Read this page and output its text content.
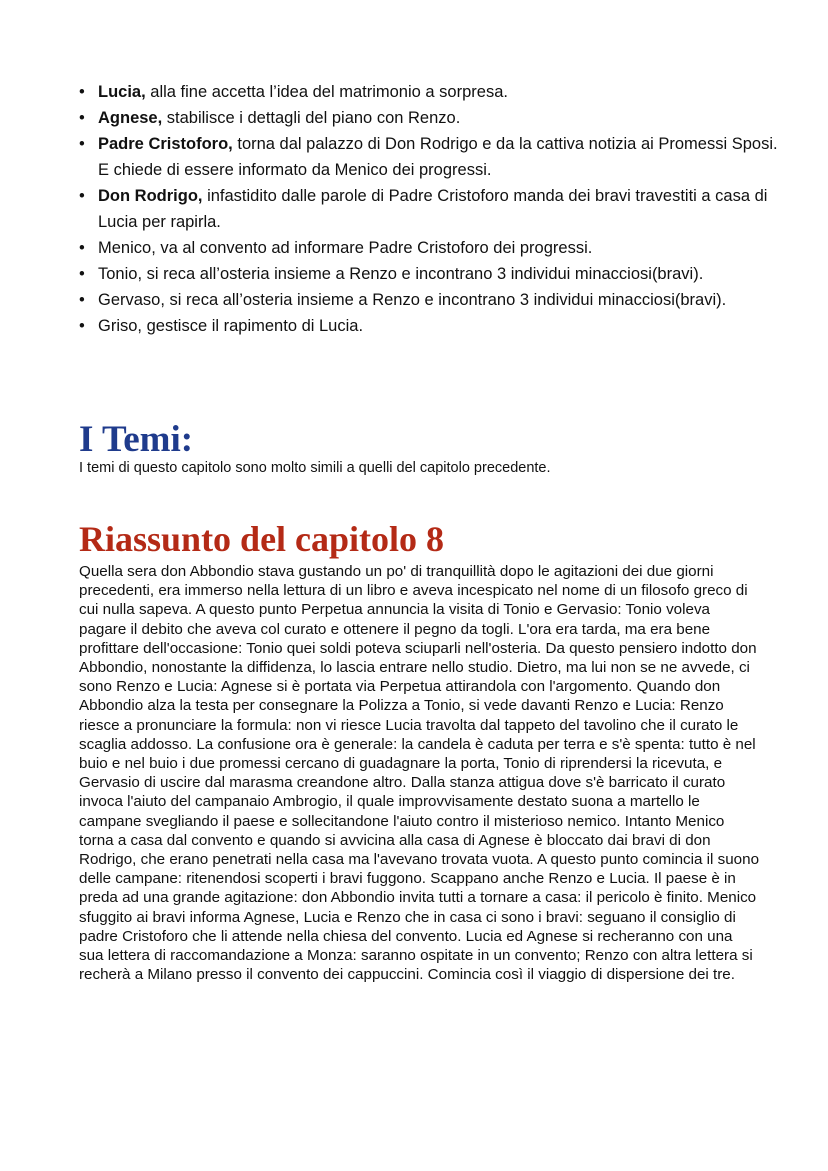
• Lucia, alla fine accetta l’idea del matrimonio a sorpresa.
• Agnese, stabilisce i dettagli del piano con Renzo.
• Padre Cristoforo, torna dal palazzo di Don Rodrigo e da la cattiva notizia ai Promessi Sposi. E chiede di essere informato da Menico dei progressi.
• Don Rodrigo, infastidito dalle parole di Padre Cristoforo manda dei bravi travestiti a casa di Lucia per rapirla.
• Menico, va al convento ad informare Padre Cristoforo dei progressi.
• Tonio, si reca all’osteria insieme a Renzo e incontrano 3 individui minacciosi(bravi).
• Gervaso, si reca all’osteria insieme a Renzo e incontrano 3 individui minacciosi(bravi).
• Griso, gestisce il rapimento di Lucia.
I Temi:

I temi di questo capitolo sono molto simili a quelli del capitolo precedente.

Riassunto del capitolo 8

Quella sera don Abbondio stava gustando un po' di tranquillità dopo le agitazioni dei due giorni precedenti, era immerso nella lettura di un libro e aveva incespicato nel nome di un filosofo greco di cui nulla sapeva. A questo punto Perpetua annuncia la visita di Tonio e Gervasio: Tonio voleva pagare il debito che aveva col curato e ottenere il pegno da togli. L'ora era tarda, ma era bene profittare dell'occasione: Tonio quei soldi poteva sciuparli nell'osteria. Da questo pensiero indotto don Abbondio, nonostante la diffidenza, lo lascia entrare nello studio. Dietro, ma lui non se ne avvede, ci sono Renzo e Lucia: Agnese si è portata via Perpetua attirandola con l'argomento. Quando don Abbondio alza la testa per consegnare la Polizza a Tonio, si vede davanti Renzo e Lucia: Renzo riesce a pronunciare la formula: non vi riesce Lucia travolta dal tappeto del tavolino che il curato le scaglia addosso. La confusione ora è generale: la candela è caduta per terra e s'è spenta: tutto è nel buio e nel buio i due promessi cercano di guadagnare la porta, Tonio di riprendersi la ricevuta, e Gervasio di uscire dal marasma creandone altro. Dalla stanza attigua dove s'è barricato il curato invoca l'aiuto del campanaio Ambrogio, il quale improvvisamente destato suona a martello le campane svegliando il paese e sollecitandone l'aiuto contro il misterioso nemico. Intanto Menico torna a casa dal convento e quando si avvicina alla casa di Agnese è bloccato dai bravi di don Rodrigo, che erano penetrati nella casa ma l'avevano trovata vuota. A questo punto comincia il suono delle campane: ritenendosi scoperti i bravi fuggono. Scappano anche Renzo e Lucia. Il paese è in preda ad una grande agitazione: don Abbondio invita tutti a tornare a casa: il pericolo è finito. Menico sfuggito ai bravi informa Agnese, Lucia e Renzo che in casa ci sono i bravi: seguano il consiglio di padre Cristoforo che li attende nella chiesa del convento. Lucia ed Agnese si recheranno con una sua lettera di raccomandazione a Monza: saranno ospitate in un convento; Renzo con altra lettera si recherà a Milano presso il convento dei cappuccini. Comincia così il viaggio di dispersione dei tre.
